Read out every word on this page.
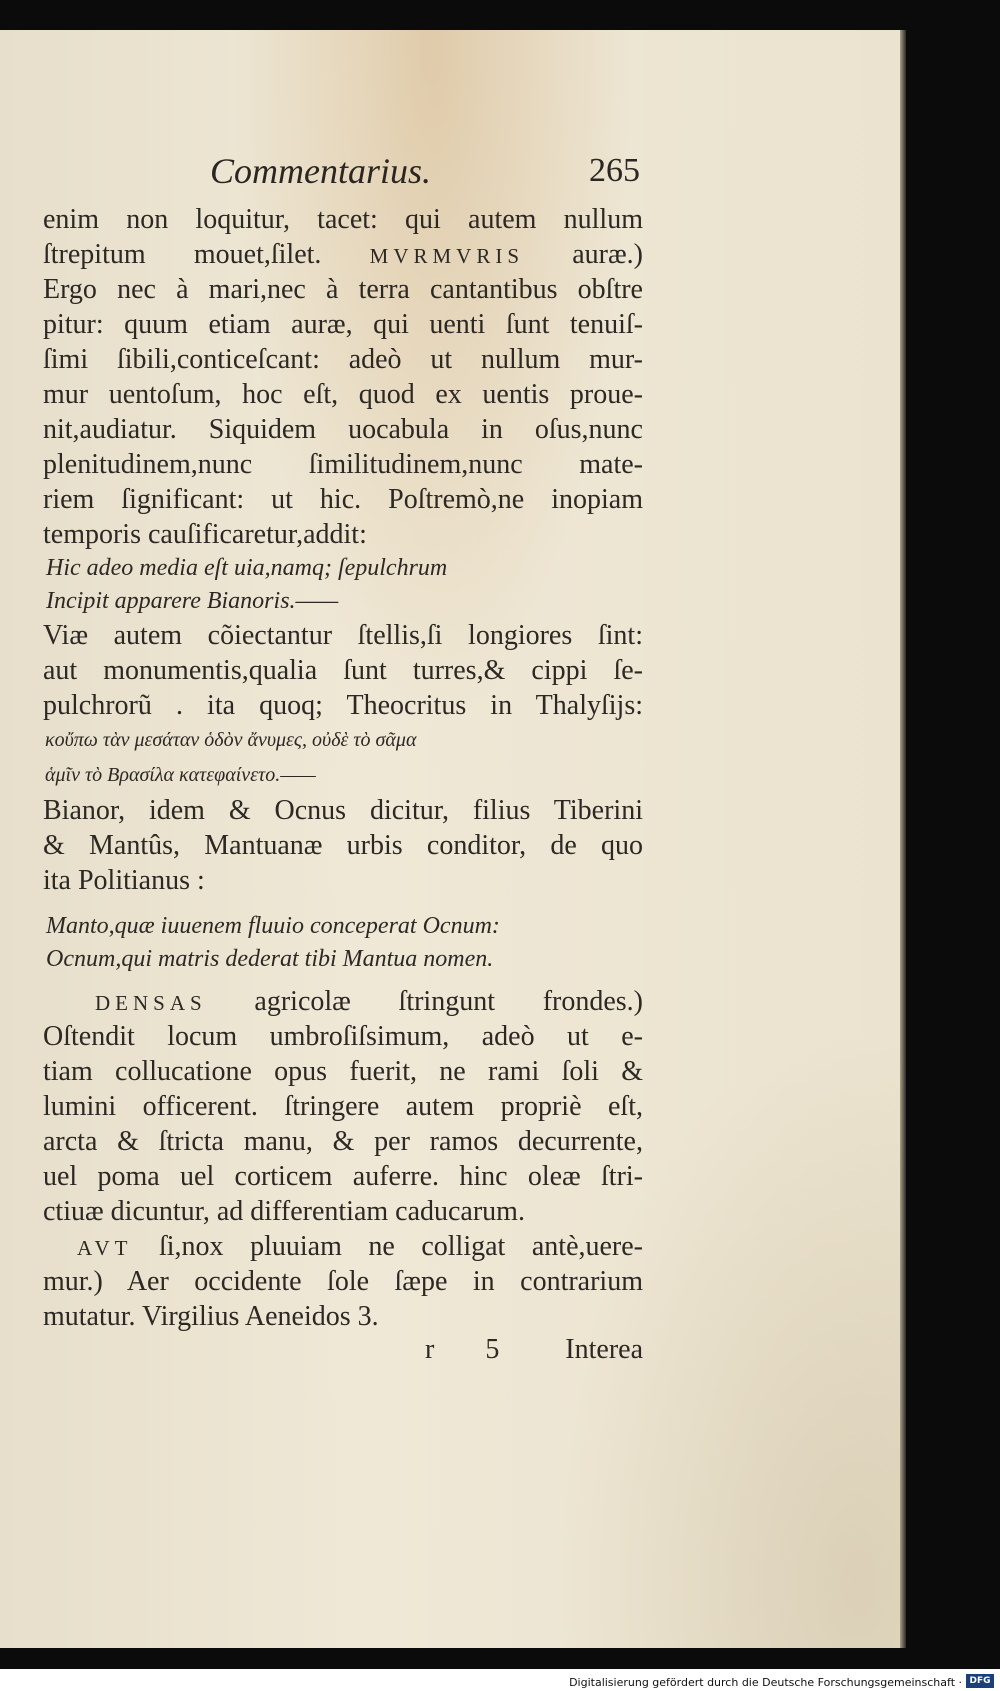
Commentarius.	265
enim non loquitur, tacet: qui autem nullum
ſtrepitum mouet,ſilet. MVRMVRIS auræ.)
Ergo nec à mari,nec à terra cantantibus obſtre
pitur: quum etiam auræ, qui uenti ſunt tenuiſ-
ſimi ſibili,conticeſcant: adeò ut nullum mur-
mur uentoſum, hoc eſt, quod ex uentis proue-
nit,audiatur. Siquidem uocabula in oſus,nunc
plenitudinem,nunc ſimilitudinem,nunc mate-
riem ſignificant: ut hic. Poſtremò,ne inopiam
temporis cauſificaretur,addit:
Hic adeo media eſt uia,namq; ſepulchrum
Incipit apparere Bianoris.——
Viæ autem cõiectantur ſtellis,ſi longiores ſint:
aut monumentis,qualia ſunt turres,& cippi ſe-
pulchrorũ . ita quoq; Theocritus in Thalyſijs:
κοὔπω τὰν μεσάταν ὁδὸν ἄνυμες, οὐδὲ τὸ σᾶμα
ἁμῖν τὸ Βρασίλα κατεφαίνετο.——
Bianor, idem & Ocnus dicitur, filius Tiberini
& Mantûs, Mantuanæ urbis conditor, de quo
ita Politianus :
Manto,quæ iuuenem fluuio conceperat Ocnum:
Ocnum,qui matris dederat tibi Mantua nomen.
DENSAS agricolæ ſtringunt frondes.)
Oſtendit locum umbroſiſsimum, adeò ut e-
tiam collucatione opus fuerit, ne rami ſoli &
lumini officerent. ſtringere autem propriè eſt,
arcta & ſtricta manu, & per ramos decurrente,
uel poma uel corticem auferre. hinc oleæ ſtri-
ctiuæ dicuntur, ad differentiam caducarum.
AVT ſi,nox pluuiam ne colligat antè,uere-
mur.) Aer occidente ſole ſæpe in contrarium
mutatur. Virgilius Aeneidos 3.
r 5 Interea
Digitalisierung gefördert durch die Deutsche Forschungsgemeinschaft · DFG
